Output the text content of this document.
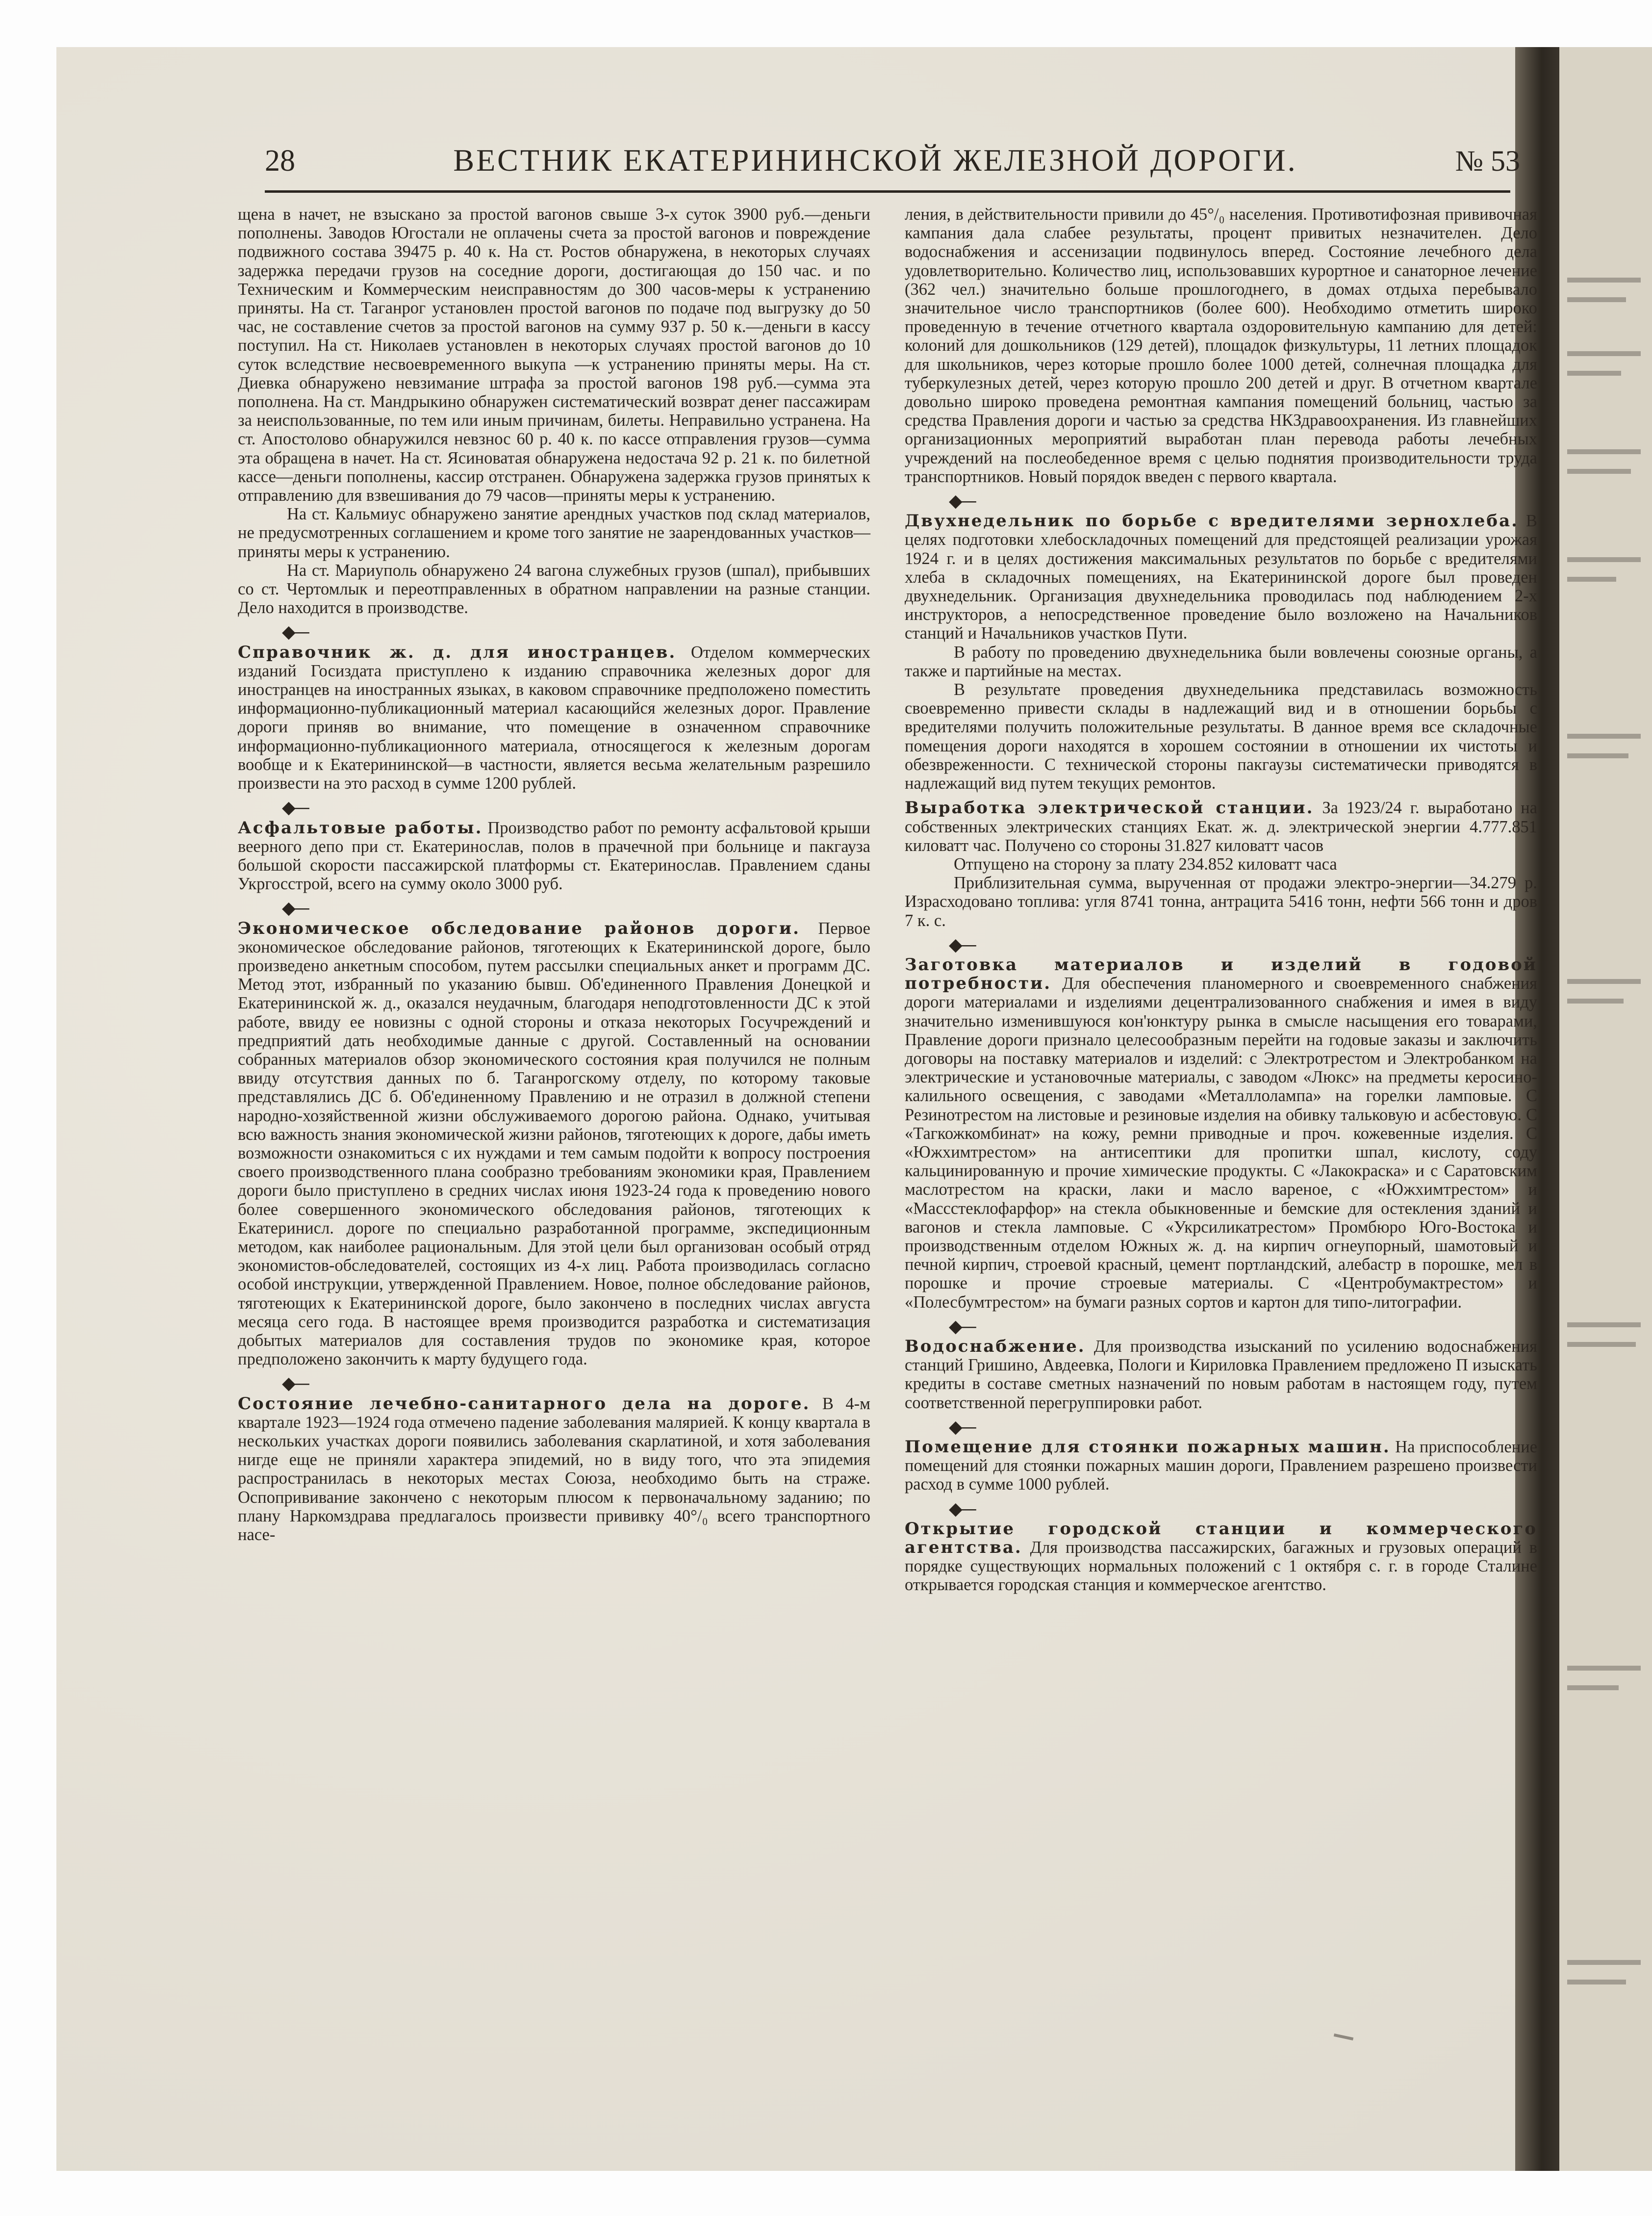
28	ВЕСТНИК ЕКАТЕРИНИНСКОЙ ЖЕЛЕЗНОЙ ДОРОГИ.	№ 53

щена в начет, не взыскано за простой вагонов свыше 3-х суток 3900 руб.—деньги пополнены. Заводов Югостали не оплачены счета за простой вагонов и повреждение подвижного состава 39475 р. 40 к. На ст. Ростов обнаружена, в некоторых случаях задержка передачи грузов на соседние дороги, достигающая до 150 час. и по Техническим и Коммерческим неисправностям до 300 часов-меры к устранению приняты. На ст. Таганрог установлен простой вагонов по подаче под выгрузку до 50 час, не составление счетов за простой вагонов на сумму 937 р. 50 к.—деньги в кассу поступил. На ст. Николаев установлен в некоторых случаях простой вагонов до 10 суток вследствие несвоевременного выкупа —к устранению приняты меры. На ст. Диевка обнаружено невзимание штрафа за простой вагонов 198 руб.—сумма эта пополнена. На ст. Мандрыкино обнаружен систематический возврат денег пассажирам за неиспользованные, по тем или иным причинам, билеты. Неправильно устранена. На ст. Апостолово обнаружился невзнос 60 р. 40 к. по кассе отправления грузов—сумма эта обращена в начет. На ст. Ясиноватая обнаружена недостача 92 р. 21 к. по билетной кассе—деньги пополнены, кассир отстранен. Обнаружена задержка грузов принятых к отправлению для взвешивания до 79 часов—приняты меры к устранению.

На ст. Кальмиус обнаружено занятие арендных участков под склад материалов, не предусмотренных соглашением и кроме того занятие не заарендованных участков—приняты меры к устранению.

На ст. Мариуполь обнаружено 24 вагона служебных грузов (шпал), прибывших со ст. Чертомлык и переотправленных в обратном направлении на разные станции. Дело находится в производстве.

◆—

Справочник ж. д. для иностранцев. Отделом коммерческих изданий Госиздата приступлено к изданию справочника железных дорог для иностранцев на иностранных языках, в каковом справочнике предположено поместить информационно-публикационный материал касающийся железных дорог. Правление дороги приняв во внимание, что помещение в означенном справочнике информационно-публикационного материала, относящегося к железным дорогам вообще и к Екатерининской—в частности, является весьма желательным разрешило произвести на это расход в сумме 1200 рублей.

◆—

Асфальтовые работы. Производство работ по ремонту асфальтовой крыши веерного депо при ст. Екатеринослав, полов в прачечной при больнице и пакгауза большой скорости пассажирской платформы ст. Екатеринослав. Правлением сданы Укргосстрой, всего на сумму около 3000 руб.

◆—

Экономическое обследование районов дороги. Первое экономическое обследование районов, тяготеющих к Екатерининской дороге, было произведено анкетным способом, путем рассылки специальных анкет и программ ДС. Метод этот, избранный по указанию бывш. Об'единенного Правления Донецкой и Екатерининской ж. д., оказался неудачным, благодаря неподготовленности ДС к этой работе, ввиду ее новизны с одной стороны и отказа некоторых Госучреждений и предприятий дать необходимые данные с другой. Составленный на основании собранных материалов обзор экономического состояния края получился не полным ввиду отсутствия данных по б. Таганрогскому отделу, по которому таковые представлялись ДС б. Об'единенному Правлению и не отразил в должной степени народно-хозяйственной жизни обслуживаемого дорогою района. Однако, учитывая всю важность знания экономической жизни районов, тяготеющих к дороге, дабы иметь возможности ознакомиться с их нуждами и тем самым подойти к вопросу построения своего производственного плана сообразно требованиям экономики края, Правлением дороги было приступлено в средних числах июня 1923-24 года к проведению нового более совершенного экономического обследования районов, тяготеющих к Екатеринисл. дороге по специально разработанной программе, экспедиционным методом, как наиболее рациональным. Для этой цели был организован особый отряд экономистов-обследователей, состоящих из 4-х лиц. Работа производилась согласно особой инструкции, утвержденной Правлением. Новое, полное обследование районов, тяготеющих к Екатерининской дороге, было закончено в последних числах августа месяца сего года. В настоящее время производится разработка и систематизация добытых материалов для составления трудов по экономике края, которое предположено закончить к марту будущего года.

◆—

Состояние лечебно-санитарного дела на дороге. В 4-м квартале 1923—1924 года отмечено падение заболевания малярией. К концу квартала в нескольких участках дороги появились заболевания скарлатиной, и хотя заболевания нигде еще не приняли характера эпидемий, но в виду того, что эта эпидемия распространилась в некоторых местах Союза, необходимо быть на страже. Оспопрививание закончено с некоторым плюсом к первоначальному заданию; по плану Наркомздрава предлагалось произвести прививку 40°/₀ всего транспортного насе-

ления, в действительности привили до 45°/₀ населения. Противотифозная прививочная кампания дала слабее результаты, процент привитых незначителен. Дело водоснабжения и ассенизации подвинулось вперед. Состояние лечебного дела удовлетворительно. Количество лиц, использовавших курортное и санаторное лечение (362 чел.) значительно больше прошлогоднего, в домах отдыха перебывало значительное число транспортников (более 600). Необходимо отметить широко проведенную в течение отчетного квартала оздоровительную кампанию для детей: колоний для дошкольников (129 детей), площадок физкультуры, 11 летних площадок для школьников, через которые прошло более 1000 детей, солнечная площадка для туберкулезных детей, через которую прошло 200 детей и друг. В отчетном квартале довольно широко проведена ремонтная кампания помещений больниц, частью за средства Правления дороги и частью за средства НКЗдравоохранения. Из главнейших организационных мероприятий выработан план перевода работы лечебных учреждений на послеобеденное время с целью поднятия производительности труда транспортников. Новый порядок введен с первого квартала.

◆—

Двухнедельник по борьбе с вредителями зернохлеба. В целях подготовки хлебоскладочных помещений для предстоящей реализации урожая 1924 г. и в целях достижения максимальных результатов по борьбе с вредителями хлеба в складочных помещениях, на Екатерининской дороге был проведен двухнедельник. Организация двухнедельника проводилась под наблюдением 2-х инструкторов, а непосредственное проведение было возложено на Начальников станций и Начальников участков Пути.

В работу по проведению двухнедельника были вовлечены союзные органы, а также и партийные на местах.

В результате проведения двухнедельника представилась возможность своевременно привести склады в надлежащий вид и в отношении борьбы с вредителями получить положительные результаты. В данное время все складочные помещения дороги находятся в хорошем состоянии в отношении их чистоты и обезвреженности. С технической стороны пакгаузы систематически приводятся в надлежащий вид путем текущих ремонтов.

Выработка электрической станции. За 1923/24 г. выработано на собственных электрических станциях Екат. ж. д. электрической энергии 4.777.851 киловатт час. Получено со стороны 31.827 киловатт часов

Отпущено на сторону за плату 234.852 киловатт часа

Приблизительная сумма, вырученная от продажи электро-энергии—34.279 р. Израсходовано топлива: угля 8741 тонна, антрацита 5416 тонн, нефти 566 тонн и дров 7 к. с.

◆—

Заготовка материалов и изделий в годовой потребности. Для обеспечения планомерного и своевременного снабжения дороги материалами и изделиями децентрализованного снабжения и имея в виду значительно изменившуюся кон'юнктуру рынка в смысле насыщения его товарами, Правление дороги признало целесообразным перейти на годовые заказы и заключить договоры на поставку материалов и изделий: с Электротрестом и Электробанком на электрические и установочные материалы, с заводом «Люкс» на предметы керосино-калильного освещения, с заводами «Металлолампа» на горелки ламповые. С Резинотрестом на листовые и резиновые изделия на обивку тальковую и асбестовую. С «Тагкожкомбинат» на кожу, ремни приводные и проч. кожевенные изделия. С «Южхимтрестом» на антисептики для пропитки шпал, кислоту, соду кальцинированную и прочие химические продукты. С «Лакокраска» и с Саратовским маслотрестом на краски, лаки и масло вареное, с «Южхимтрестом» и «Массстеклофарфор» на стекла обыкновенные и бемские для остекления зданий и вагонов и стекла ламповые. С «Укрсиликатрестом» Промбюро Юго-Востока и производственным отделом Южных ж. д. на кирпич огнеупорный, шамотовый и печной кирпич, строевой красный, цемент портландский, алебастр в порошке, мел в порошке и прочие строевые материалы. С «Центробумактрестом» и «Полесбумтрестом» на бумаги разных сортов и картон для типо-литографии.

◆—

Водоснабжение. Для производства изысканий по усилению водоснабжения станций Гришино, Авдеевка, Пологи и Кириловка Правлением предложено П изыскать кредиты в составе сметных назначений по новым работам в настоящем году, путем соответственной перегруппировки работ.

◆—

Помещение для стоянки пожарных машин. На приспособление помещений для стоянки пожарных машин дороги, Правлением разрешено произвести расход в сумме 1000 рублей.

◆—

Открытие городской станции и коммерческого агентства. Для производства пассажирских, багажных и грузовых операций в порядке существующих нормальных положений с 1 октября с. г. в городе Сталине открывается городская станция и коммерческое агентство.
